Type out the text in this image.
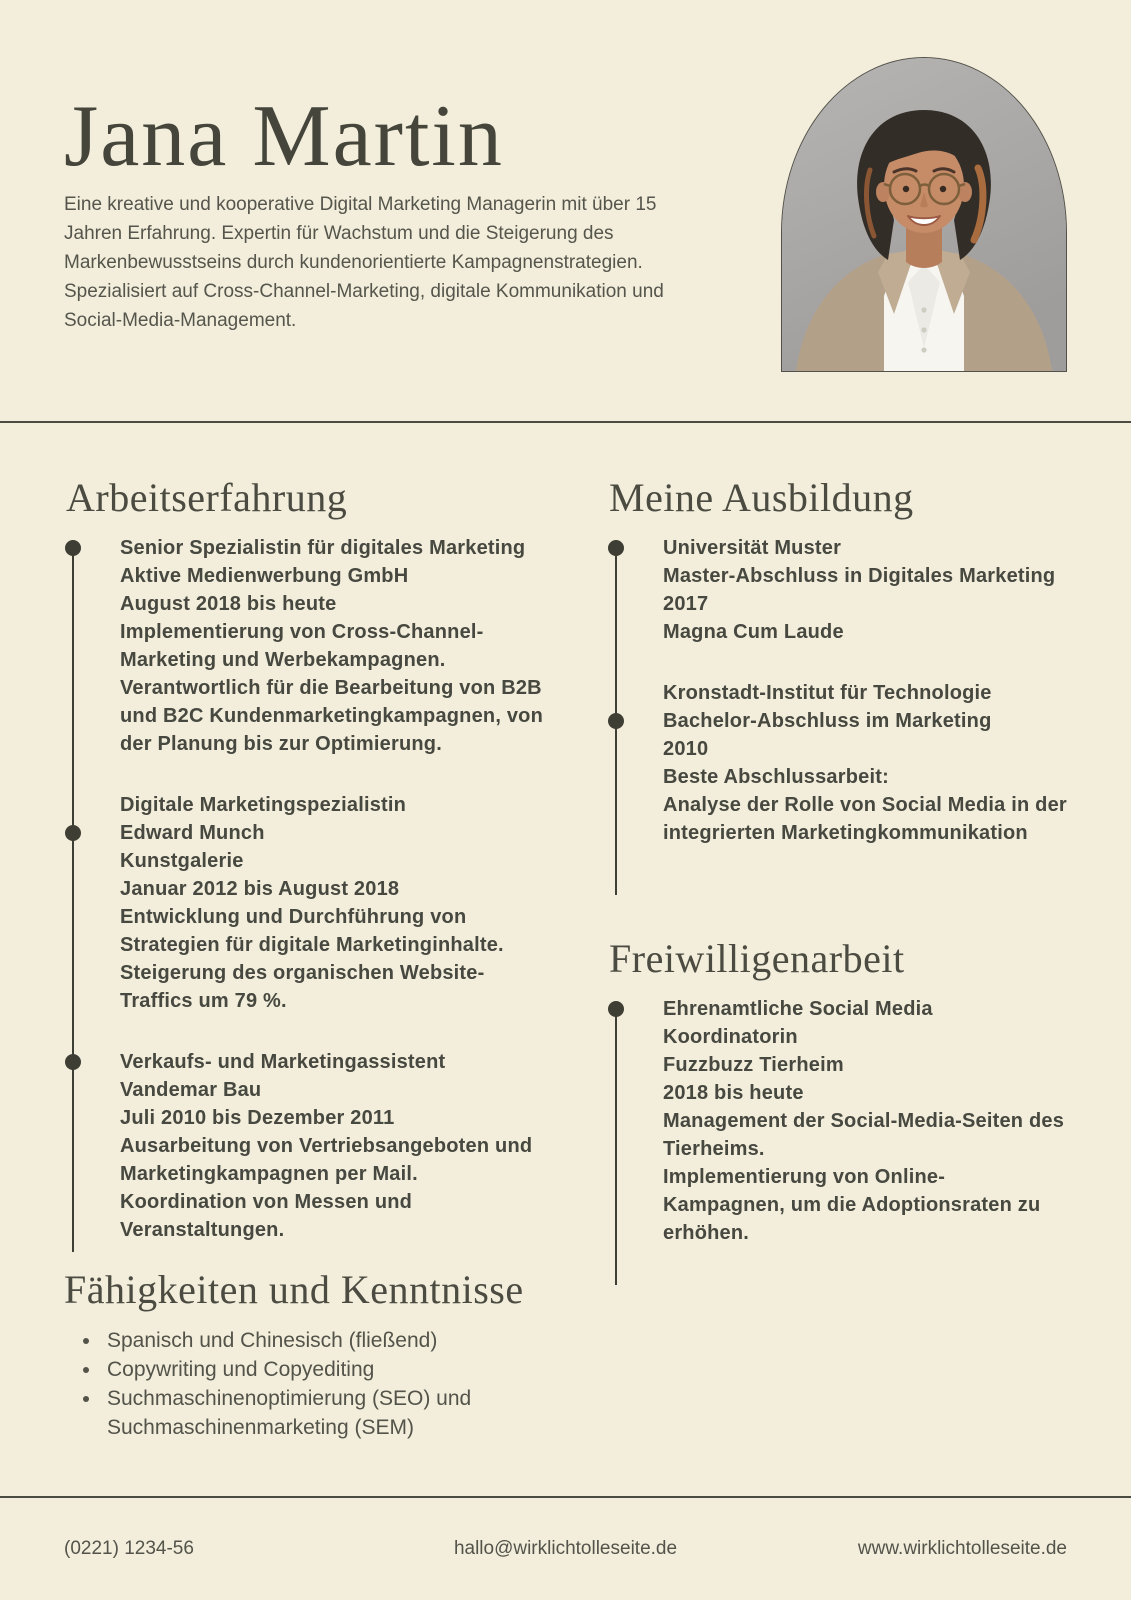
Jana Martin

Eine kreative und kooperative Digital Marketing Managerin mit über 15 Jahren Erfahrung. Expertin für Wachstum und die Steigerung des Markenbewusstseins durch kundenorientierte Kampagnenstrategien. Spezialisiert auf Cross-Channel-Marketing, digitale Kommunikation und Social-Media-Management.

Arbeitserfahrung
Senior Spezialistin für digitales Marketing
Aktive Medienwerbung GmbH
August 2018 bis heute
Implementierung von Cross-Channel-Marketing und Werbekampagnen.
Verantwortlich für die Bearbeitung von B2B und B2C Kundenmarketingkampagnen, von der Planung bis zur Optimierung.
Digitale Marketingspezialistin
Edward Munch
Kunstgalerie
Januar 2012 bis August 2018
Entwicklung und Durchführung von Strategien für digitale Marketinginhalte.
Steigerung des organischen Website-Traffics um 79 %.
Verkaufs- und Marketingassistent
Vandemar Bau
Juli 2010 bis Dezember 2011
Ausarbeitung von Vertriebsangeboten und Marketingkampagnen per Mail.
Koordination von Messen und Veranstaltungen.
Meine Ausbildung
Universität Muster
Master-Abschluss in Digitales Marketing
2017
Magna Cum Laude
Kronstadt-Institut für Technologie
Bachelor-Abschluss im Marketing
2010
Beste Abschlussarbeit:
Analyse der Rolle von Social Media in der integrierten Marketingkommunikation
Freiwilligenarbeit
Ehrenamtliche Social Media Koordinatorin
Fuzzbuzz Tierheim
2018 bis heute
Management der Social-Media-Seiten des Tierheims.
Implementierung von Online-Kampagnen, um die Adoptionsraten zu erhöhen.
Fähigkeiten und Kenntnisse
• Spanisch und Chinesisch (fließend)
• Copywriting und Copyediting
• Suchmaschinenoptimierung (SEO) und Suchmaschinenmarketing (SEM)
(0221) 1234-56	hallo@wirklichtolleseite.de	www.wirklichtolleseite.de
